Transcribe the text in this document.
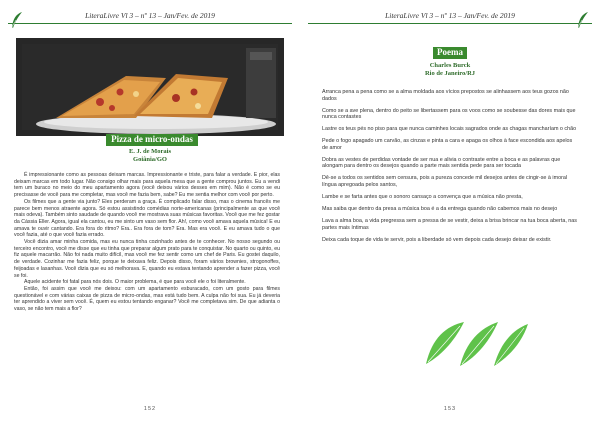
LiteraLivre Vl 3 – nº 13 – Jan/Fev. de 2019
Pizza de micro-ondas
E. J. de Morais
Goiânia/GO

É impressionante como as pessoas deixam marcas. Impressionante e triste, para falar a verdade. E pior, elas deixam marcas em todo lugar. Não consigo olhar mais para aquela mesa que a gente comprou juntos. Eu a vendi tem um buraco no meio do meu apartamento agora (você deixou vários desses em mim). Não é como se eu precisasse de você para me completar, mas você me fazia bem, sabe? Eu me sentia melhor com você por perto.

Os filmes que a gente via junto? Eles perderam a graça. É complicado falar disso, mas o cinema francês me parece bem menos atraente agora. Só estou assistindo comédias norte-americanas (principalmente as que você mais odeva). Também sinto saudade de quando você me mostrava suas músicas favoritas. Você que me fez gostar da Cássia Eller. Agora, igual ela cantou, eu me sinto um vaso sem flor. Ah!, como você amava aquela música! E eu amava te ouvir cantando. Era fora do ritmo? Era.. Era fora de tom? Era. Mas era você. E eu amava tudo o que você fazia, até o que você fazia errado.

Você dizia amar minha comida, mas eu nunca tinha cozinhado antes de te conhecer. No nosso segundo ou terceiro encontro, você me disse que eu tinha que preparar algum prato para te conquistar. No quarto ou quinto, eu fiz aquele macarrão. Não foi nada muito difícil, mas você me fez sentir como um chef de Paris. Eu gostei daquilo, de verdade. Cozinhar me fazia feliz, porque te deixava feliz. Depois disso, foram vários brownies, strogonoffes, feijoadas e lasanhas. Você dizia que eu só melhorava. E, quando eu estava tentando aprender a fazer pizza, você se foi.

Aquele acidente foi fatal para nós dois. O maior problema, é que para você ele o foi literalmente.

Então, foi assim que você me deixou: com um apartamento esburacado, com um gosto para filmes questionável e com várias caixas de pizza de micro-ondas, mas está tudo bem. A culpa não foi sua. Eu já deveria ter aprendido a viver sem você. É, quem eu estou tentando enganar? Você me completava sim. De que adianta o vaso, se não tem mais a flor?

152
LiteraLivre Vl 3 – nº 13 – Jan/Fev. de 2019
Poema
Charles Burck
Rio de Janeiro/RJ

Arranca pena a pena como se a alma moldada aos vícios prepostos se alinhassem aos teus gozos não dados

Como se a ave plena, dentro do peito se libertassem para os voos como se soubesse das dores mais que nunca contastes

Lastre os teus pés no piso para que nunca caminhes locais sagrados onde as chagas mancharíam o chão

Pede o fogo apagado um carvão, as cinzas e pinta a cara e apaga os olhos à face escondida aos apelos de amor

Dobra as vestes de perdidas vontade de ser nua e alivia o contraste entre a boca e as palavras que alongam para dentro os desejos quando a parte mais sentida pede para ser tocada

Dê-se a todos os sentidos sem censura, pois a pureza concede mil desejos antes de cingir-se à imoral língua apregoada pelos santos,

Lambe e se farta antes que o sonoro cansaço a convença que a música não presta,

Mas saiba que dentro da presa a música boa é a da entrega quando não cabemos mais no desejo

Lava a alma boa, a vida pregressa sem a pressa de se vestir, deixa a brisa brincar na tua boca aberta, nas partes mais íntimas

Deixa cada toque de vida te servir, pois a liberdade só vem depois cada desejo deixar de existir.

153
